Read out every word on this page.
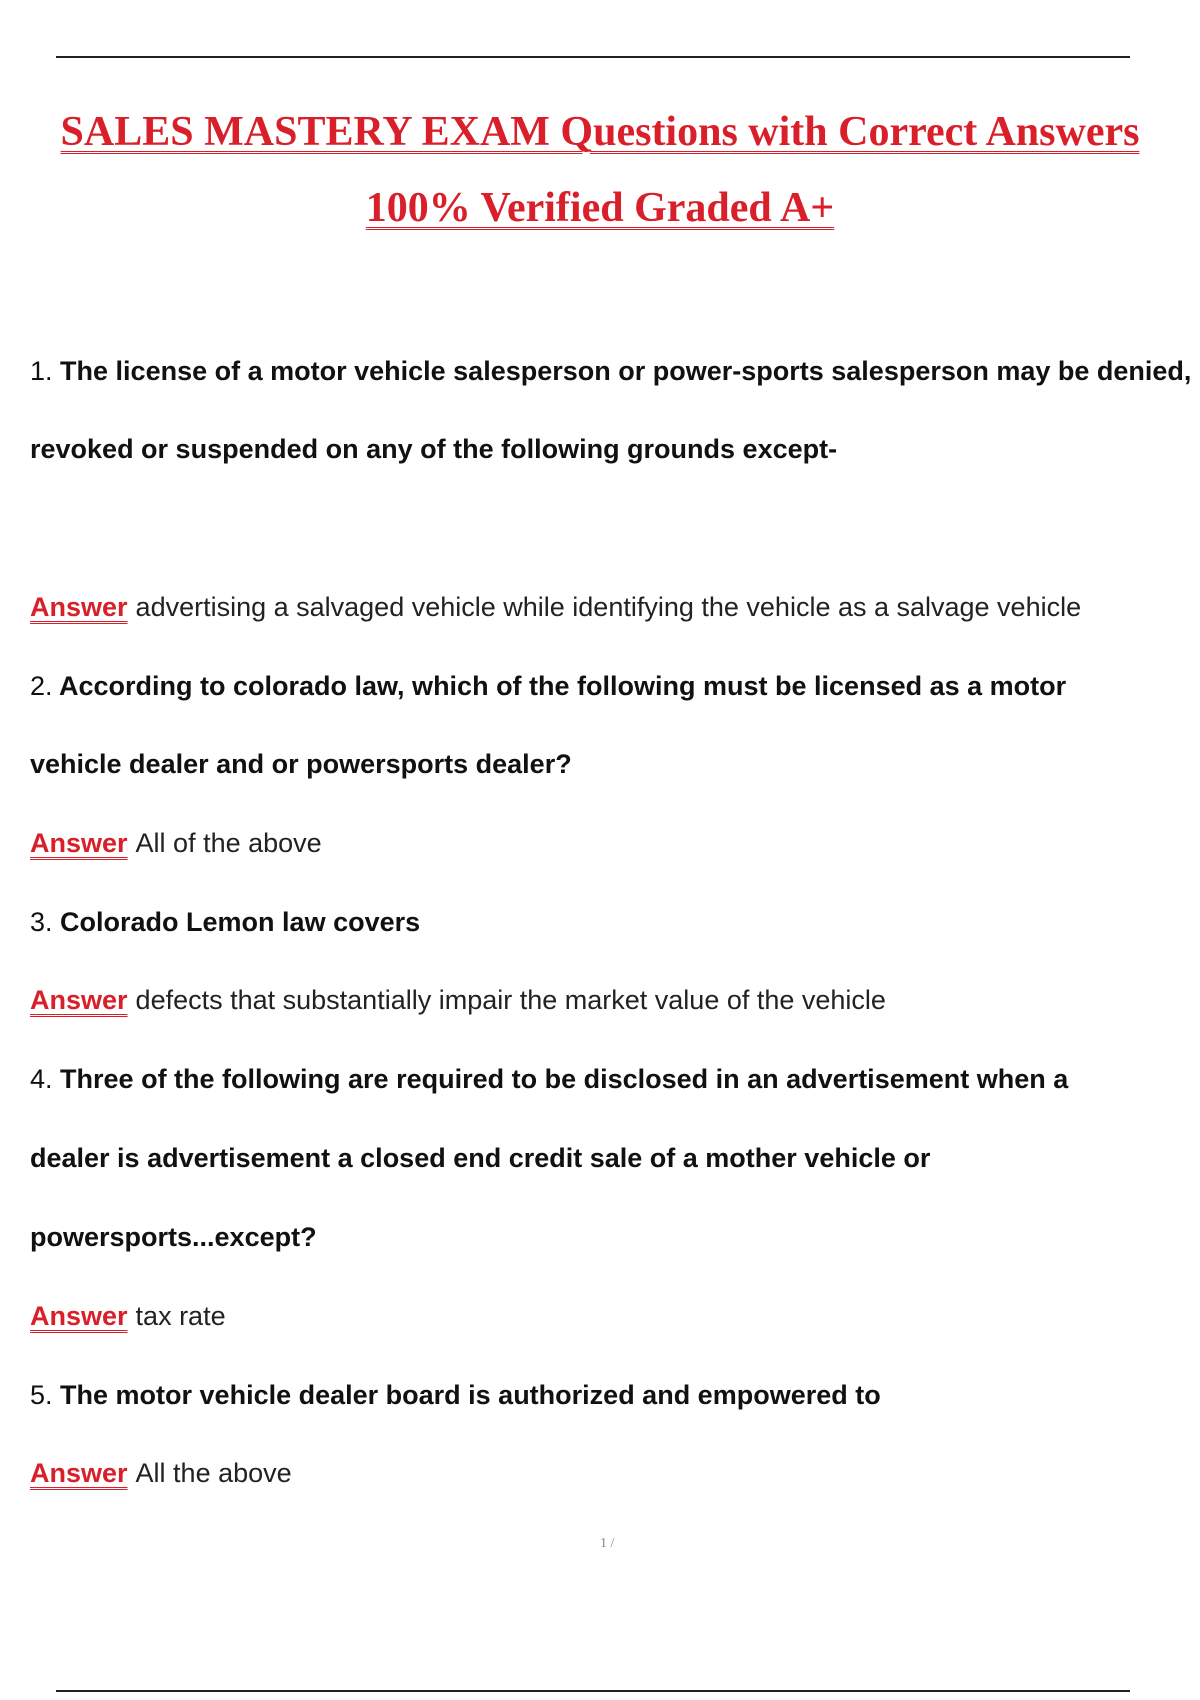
SALES MASTERY EXAM Questions with Correct Answers
100% Verified Graded A+
1. The license of a motor vehicle salesperson or power-sports salesperson may be denied,
revoked or suspended on any of the following grounds except-
Answer advertising a salvaged vehicle while identifying the vehicle as a salvage vehicle
2. According to colorado law, which of the following must be licensed as a motor
vehicle dealer and or powersports dealer?
Answer All of the above
3. Colorado Lemon law covers
Answer defects that substantially impair the market value of the vehicle
4. Three of the following are required to be disclosed in an advertisement when a
dealer is advertisement a closed end credit sale of a mother vehicle or
powersports...except?
Answer tax rate
5. The motor vehicle dealer board is authorized and empowered to
Answer All the above
1 /
